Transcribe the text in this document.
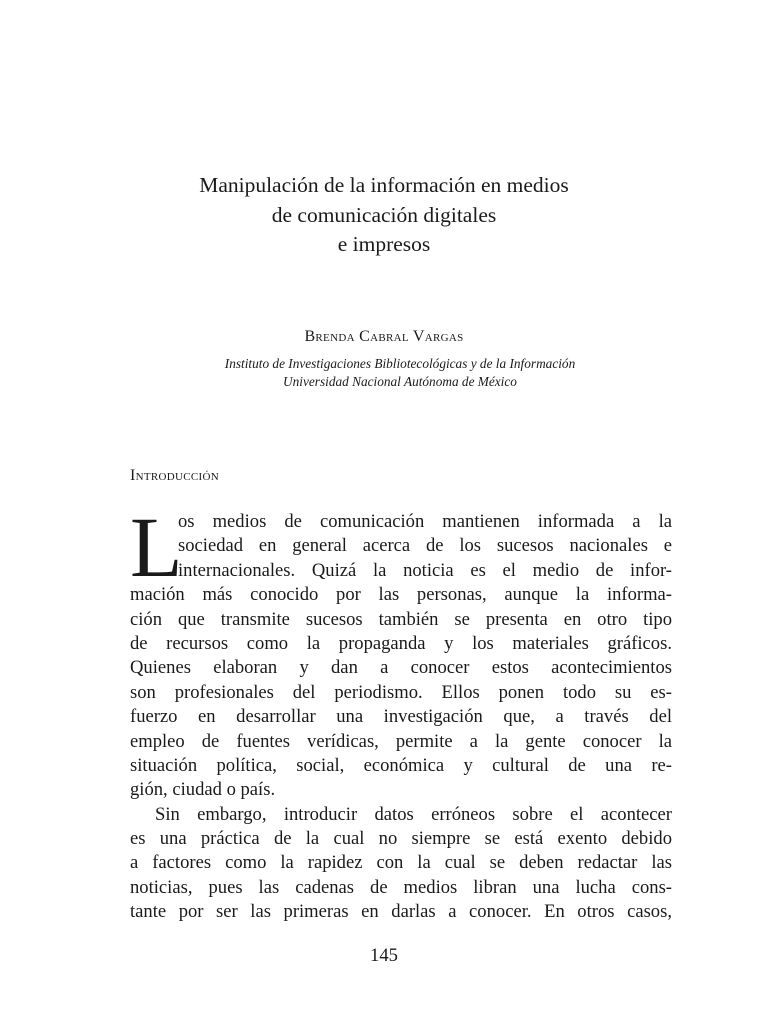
Manipulación de la información en medios
de comunicación digitales
e impresos
Brenda Cabral Vargas
Instituto de Investigaciones Bibliotecológicas y de la Información
Universidad Nacional Autónoma de México
Introducción
L
os medios de comunicación mantienen informada a la
sociedad en general acerca de los sucesos nacionales e
internacionales. Quizá la noticia es el medio de infor-
mación más conocido por las personas, aunque la informa-
ción que transmite sucesos también se presenta en otro tipo
de recursos como la propaganda y los materiales gráficos.
Quienes elaboran y dan a conocer estos acontecimientos
son profesionales del periodismo. Ellos ponen todo su es-
fuerzo en desarrollar una investigación que, a través del
empleo de fuentes verídicas, permite a la gente conocer la
situación política, social, económica y cultural de una re-
gión, ciudad o país.
Sin embargo, introducir datos erróneos sobre el acontecer
es una práctica de la cual no siempre se está exento debido
a factores como la rapidez con la cual se deben redactar las
noticias, pues las cadenas de medios libran una lucha cons-
tante por ser las primeras en darlas a conocer. En otros casos,
145
